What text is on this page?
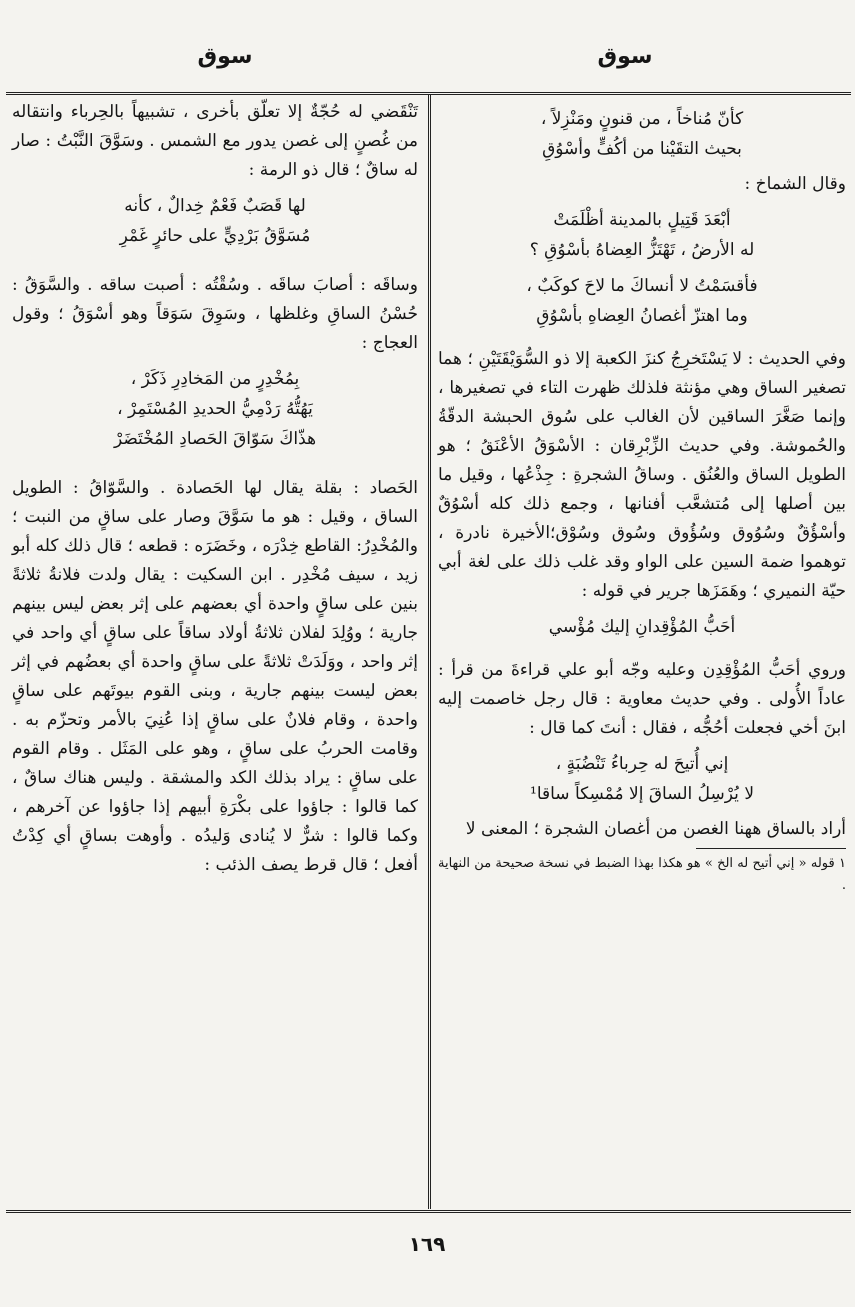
سوق
سوق
كأنّ مُناخاً ، من قنونٍ ومَنْزِلاً ،
بحيث التقَيْنا من أكُفٍّ وأسْوُقِ

وقال الشماخ :

أبْعَدَ قَتِيلٍ بالمدينة أظْلَمَتْ
له الأرضُ ، تَهْتَزُّ العِضاهُ بأسْوُقِ ؟
فأقسَمْتُ لا أنساكَ ما لاحَ كوكَبٌ ،
وما اهتزّ أغصانُ العِضاهِ بأسْوُقِ

وفي الحديث : لا يَسْتَخرِجُ كنزَ الكعبة إلا ذو السُّوَيْقَتَيْنِ ؛ هما تصغير الساق وهي مؤنثة فلذلك ظهرت التاء في تصغيرها ، وإنما صَغَّرَ الساقين لأن الغالب على سُوق الحبشة الدقّةُ والحُموشة. وفي حديث الزِّبْرِقان : الأسْوَقُ الأعْنَقُ ؛ هو الطويل الساق والعُنُق . وساقُ الشجرةِ : جِذْعُها ، وقيل ما بين أصلها إلى مُتشعَّب أفنانها ، وجمع ذلك كله أسْوُقٌ وأسْؤُقٌ وسُوُوق وسُؤُوق وسُوق وسُوْق؛الأخيرة نادرة ، توهموا ضمة السين على الواو وقد غلب ذلك على لغة أبي حيّة النميري ؛ وهَمَزَها جرير في قوله :

أحَبُّ المُؤْقِدانِ إليك مُؤْسي

وروي أحَبُّ المُؤْقِدِن وعليه وجّه أبو علي قراءةَ من قرأ : عاداً الأُولى . وفي حديث معاوية : قال رجل خاصمت إليه ابنَ أخي فجعلت أحُجُّه ، فقال : أنتَ كما قال :

إني أُتيحَ له حِرباءُ تَنْضُبَةٍ ،
لا يُرْسِلُ الساقَ إلا مُمْسِكاً ساقا¹

أراد بالساق ههنا الغصن من أغصان الشجرة ؛ المعنى لا

١ قوله « إني أتيح له الخ » هو هكذا بهذا الضبط في نسخة صحيحة من النهاية .

تَنْقَضي له حُجّةٌ إلا تعلّق بأخرى ، تشبيهاً بالحِرباء وانتقاله من غُصنٍ إلى غصن يدور مع الشمس . وسَوَّقَ النَّبْتُ : صار له ساقٌ ؛ قال ذو الرمة :

لها قَصَبٌ فَعْمٌ خِدالٌ ، كأنه
مُسَوَّقُ بَرْدِيٍّ على حائرٍ غَمْرِ

وساقَه : أصابَ ساقَه . وسُقْتُه : أصبت ساقه . والسَّوَقُ : حُسْنُ الساقِ وغلظها ، وسَوِقَ سَوَقاً وهو أسْوَقُ ؛ وقول العجاج :

بِمُخْدِرٍ من المَخادِرِ ذَكَرْ ،
يَهُتُّهُ رَدْمِيُّ الحديدِ المُسْتَمِرْ ،
هذّاكَ سَوّاقَ الحَصادِ المُخْتَضَرْ

الحَصاد : بقلة يقال لها الحَصادة . والسَّوّاقُ : الطويل الساق ، وقيل : هو ما سَوَّقَ وصار على ساقٍ من النبت ؛ والمُخْدِرُ: القاطع خِدْرَه ، وخَضَرَه : قطعه ؛ قال ذلك كله أبو زيد ، سيف مُخْدِر . ابن السكيت : يقال ولدت فلانةُ ثلاثةً بنين على ساقٍ واحدة أي بعضهم على إثر بعض ليس بينهم جارية ؛ ووُلِدَ لفلان ثلاثةُ أولاد ساقاً على ساقٍ أي واحد في إثر واحد ، ووَلَدَتْ ثلاثةً على ساقٍ واحدة أي بعضُهم في إثر بعض ليست بينهم جارية ، وبنى القوم بيوتَهم على ساقٍ واحدة ، وقام فلانٌ على ساقٍ إذا عُنِيَ بالأمر وتحزّم به . وقامت الحربُ على ساقٍ ، وهو على المَثَل . وقام القوم على ساقٍ : يراد بذلك الكد والمشقة . وليس هناك ساقٌ ، كما قالوا : جاؤوا على بكْرَةِ أبيهم إذا جاؤوا عن آخرهم ، وكما قالوا : شرٌّ لا يُنادى وَليدُه . وأوهت بساقٍ أي كِدْتُ أفعل ؛ قال قرط يصف الذئب :

١٦٩
